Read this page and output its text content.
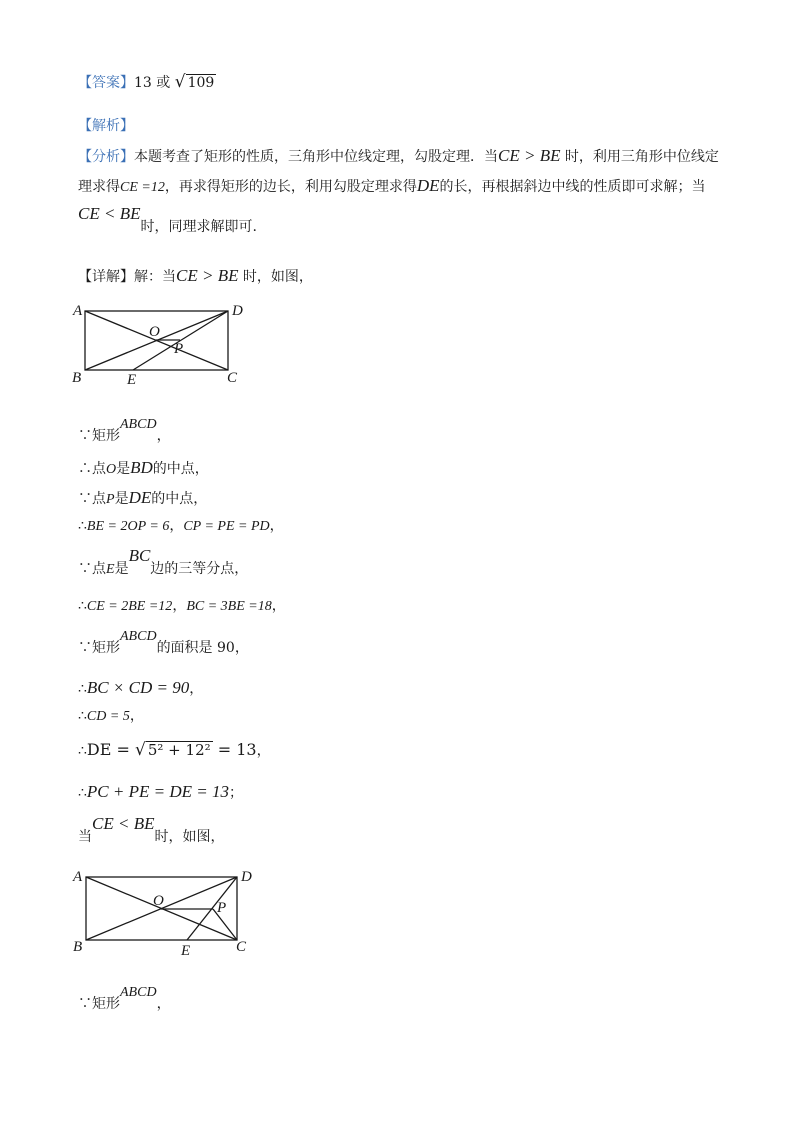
【答案】13 或 √ 109
【解析】
【分析】本题考查了矩形的性质，三角形中位线定理，勾股定理．当CE > BE 时，利用三角形中位线定
理求得CE =12，再求得矩形的边长，利用勾股定理求得DE的长，再根据斜边中线的性质即可求解；当
CE < BE时，同理求解即可.
【详解】解：当CE > BE 时，如图，
A	D
O
P
B	E	C
∵矩形ABCD，
∴点O是BD的中点，
∵点P是DE的中点，
∴BE = 2OP = 6，CP = PE = PD，
∵点E是BC边的三等分点，
∴CE = 2BE =12，BC = 3BE =18，
∵矩形ABCD的面积是 90，
∴BC × CD = 90，
∴CD = 5，
∴DE = √ 5² + 12² = 13，
∴PC + PE = DE = 13；
当CE < BE时，如图，
A	D
O	P
B	E	C
∵矩形ABCD，
